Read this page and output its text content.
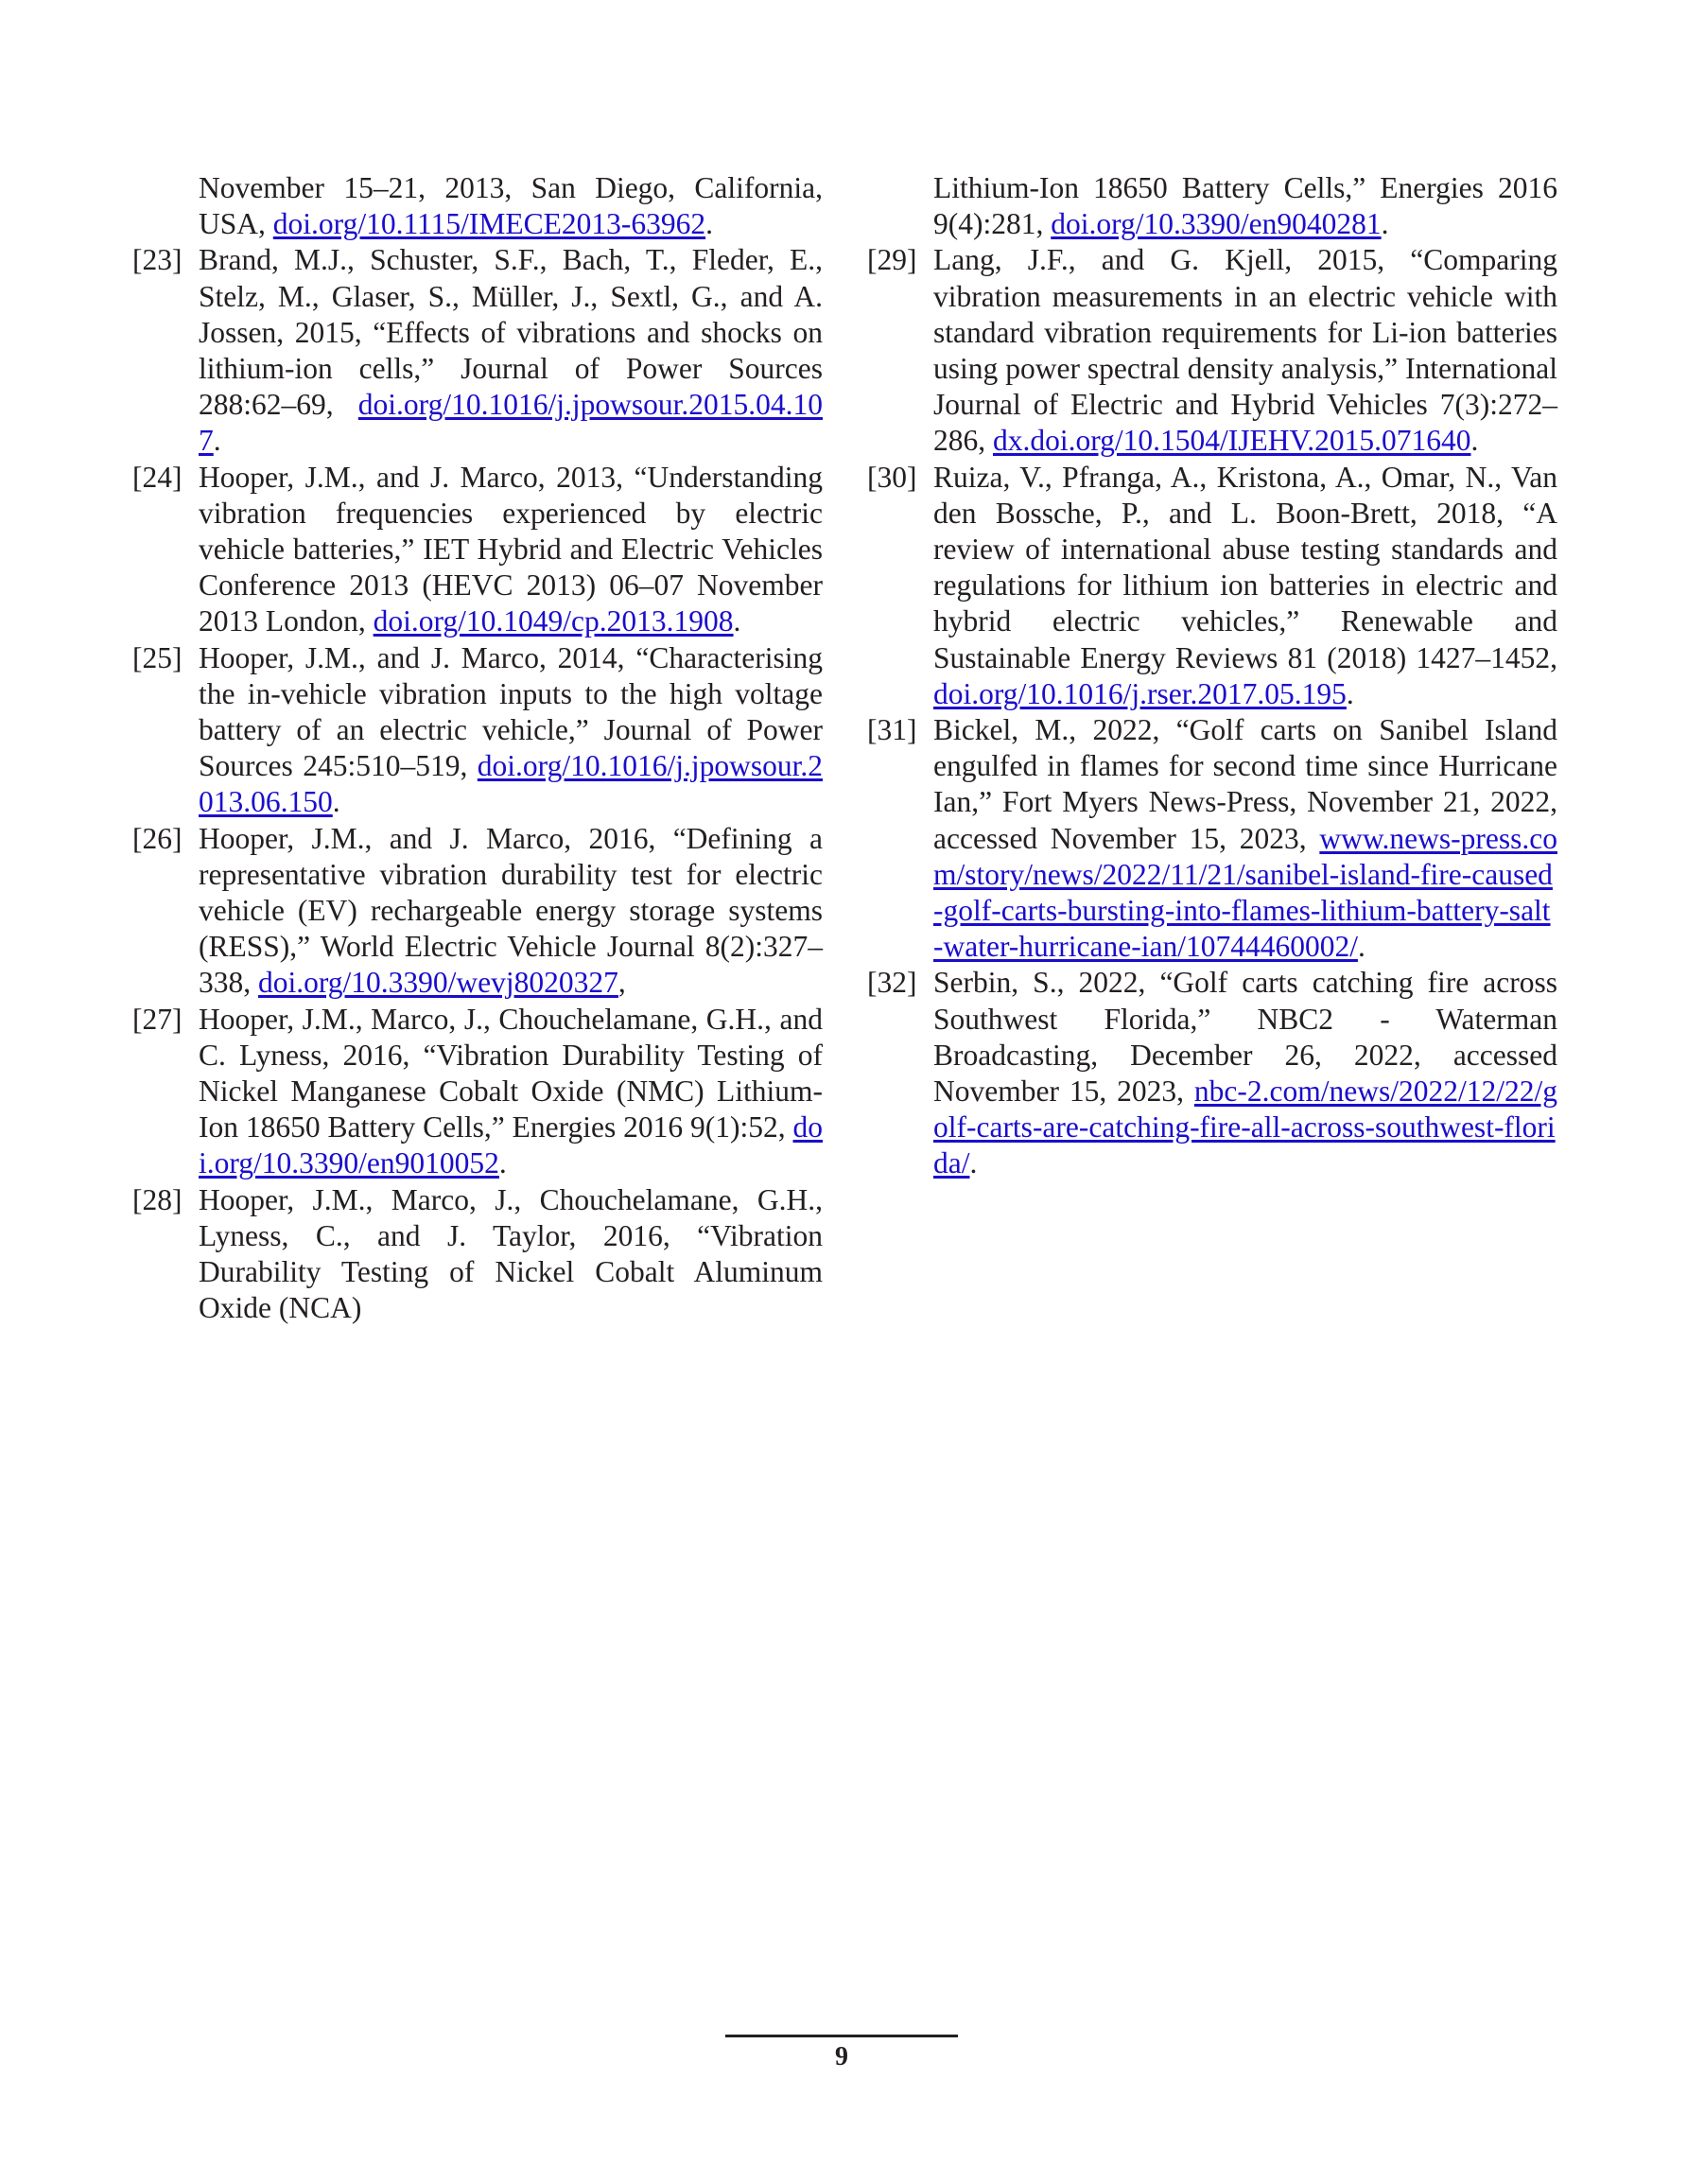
November 15–21, 2013, San Diego, California, USA, doi.org/10.1115/IMECE2013-63962.
[23] Brand, M.J., Schuster, S.F., Bach, T., Fleder, E., Stelz, M., Glaser, S., Müller, J., Sextl, G., and A. Jossen, 2015, “Effects of vibrations and shocks on lithium-ion cells,” Journal of Power Sources 288:62–69, doi.org/10.1016/j.jpowsour.2015.04.107.
[24] Hooper, J.M., and J. Marco, 2013, “Understanding vibration frequencies experienced by electric vehicle batteries,” IET Hybrid and Electric Vehicles Conference 2013 (HEVC 2013) 06–07 November 2013 London, doi.org/10.1049/cp.2013.1908.
[25] Hooper, J.M., and J. Marco, 2014, “Characterising the in-vehicle vibration inputs to the high voltage battery of an electric vehicle,” Journal of Power Sources 245:510–519, doi.org/10.1016/j.jpowsour.2013.06.150.
[26] Hooper, J.M., and J. Marco, 2016, “Defining a representative vibration durability test for electric vehicle (EV) rechargeable energy storage systems (RESS),” World Electric Vehicle Journal 8(2):327–338, doi.org/10.3390/wevj8020327,
[27] Hooper, J.M., Marco, J., Chouchelamane, G.H., and C. Lyness, 2016, “Vibration Durability Testing of Nickel Manganese Cobalt Oxide (NMC) Lithium-Ion 18650 Battery Cells,” Energies 2016 9(1):52, doi.org/10.3390/en9010052.
[28] Hooper, J.M., Marco, J., Chouchelamane, G.H., Lyness, C., and J. Taylor, 2016, “Vibration Durability Testing of Nickel Cobalt Aluminum Oxide (NCA)
Lithium-Ion 18650 Battery Cells,” Energies 2016 9(4):281, doi.org/10.3390/en9040281.
[29] Lang, J.F., and G. Kjell, 2015, “Comparing vibration measurements in an electric vehicle with standard vibration requirements for Li-ion batteries using power spectral density analysis,” International Journal of Electric and Hybrid Vehicles 7(3):272–286, dx.doi.org/10.1504/IJEHV.2015.071640.
[30] Ruiza, V., Pfranga, A., Kristona, A., Omar, N., Van den Bossche, P., and L. Boon-Brett, 2018, “A review of international abuse testing standards and regulations for lithium ion batteries in electric and hybrid electric vehicles,” Renewable and Sustainable Energy Reviews 81 (2018) 1427–1452, doi.org/10.1016/j.rser.2017.05.195.
[31] Bickel, M., 2022, “Golf carts on Sanibel Island engulfed in flames for second time since Hurricane Ian,” Fort Myers News-Press, November 21, 2022, accessed November 15, 2023, www.news-press.com/story/news/2022/11/21/sanibel-island-fire-caused-golf-carts-bursting-into-flames-lithium-battery-salt-water-hurricane-ian/10744460002/.
[32] Serbin, S., 2022, “Golf carts catching fire across Southwest Florida,” NBC2 - Waterman Broadcasting, December 26, 2022, accessed November 15, 2023, nbc-2.com/news/2022/12/22/golf-carts-are-catching-fire-all-across-southwest-florida/.
9
